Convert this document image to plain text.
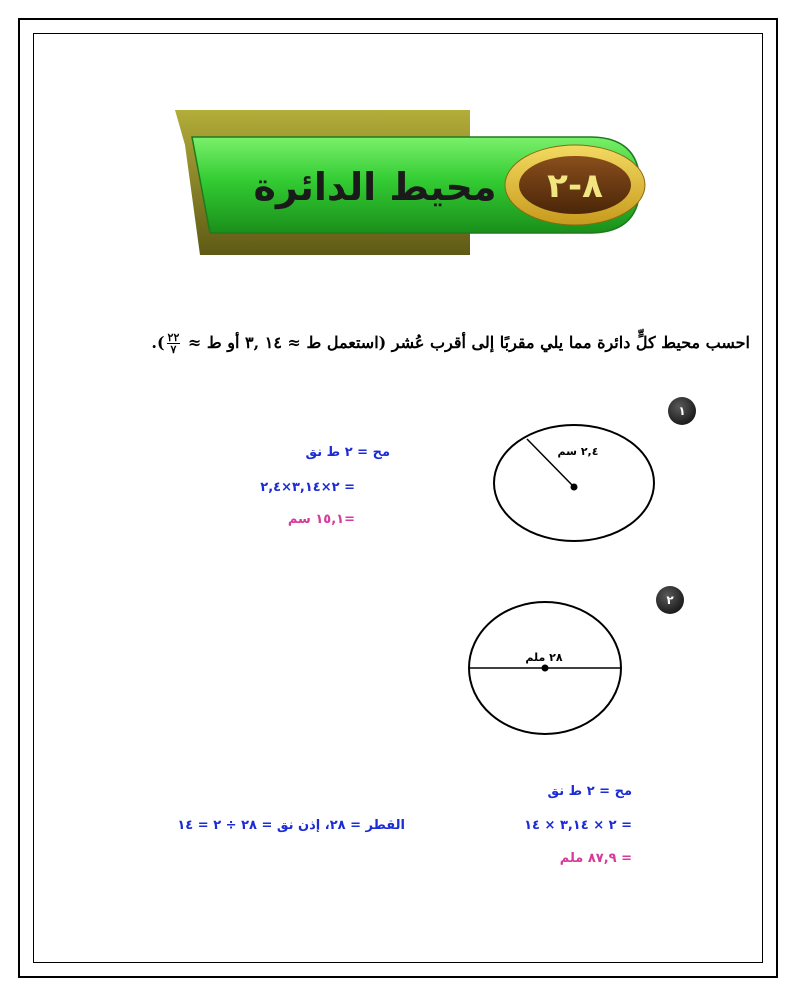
٨-٢
محيط الدائرة
احسب محيط كلٍّ دائرة مما يلي مقربًا إلى أقرب عُشر (استعمل ط ≈ ١٤ ,٣ أو ط ≈
$\frac{٢٢}{٧}$
).
١
٢,٤ سم
مح = ٢ ط نق
= ٢×٣,١٤×٢,٤
=١٥,١ سم
٢
٢٨ ملم
مح = ٢ ط نق
= ٢ × ٣,١٤ × ١٤
القطر = ٢٨، إذن نق = ٢٨ ÷ ٢ = ١٤
= ٨٧,٩ ملم
